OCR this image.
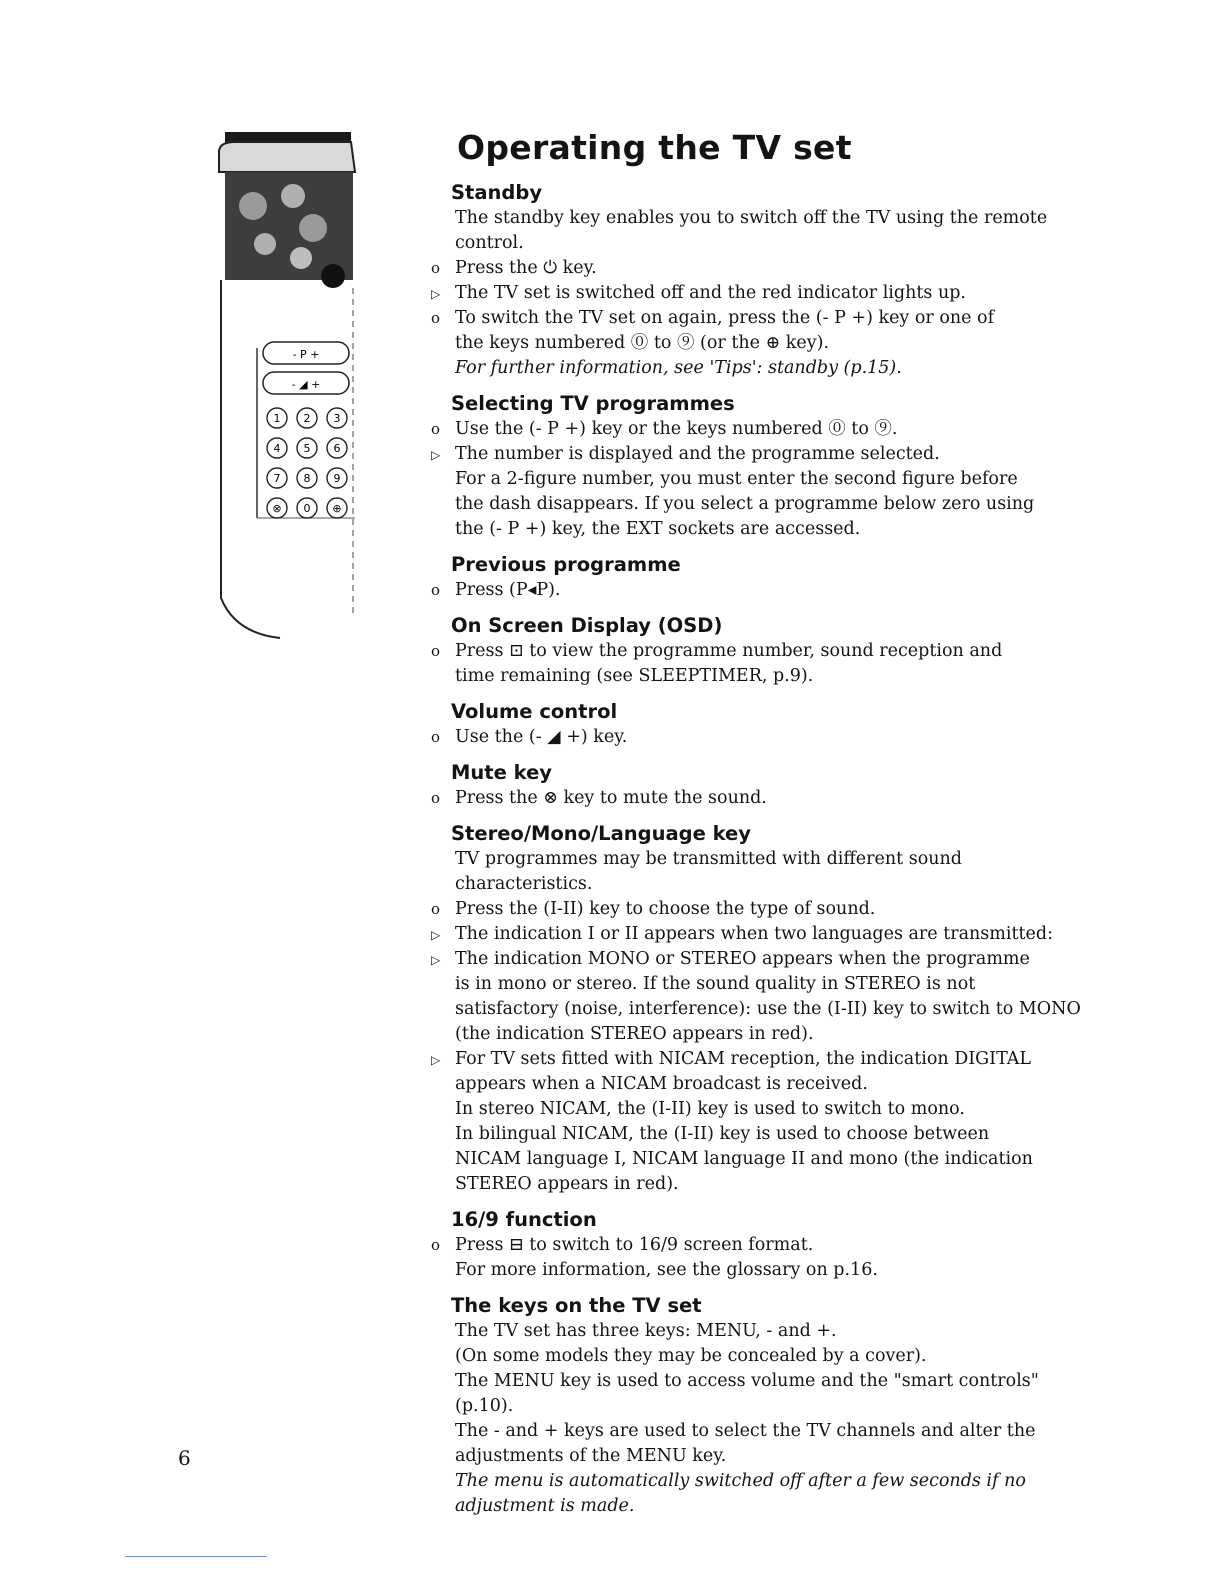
- P +
- ◢ +
1 2 3
4 5 6
7 8 9
⊗ 0 ⊕
Operating the TV set
Standby
The standby key enables you to switch off the TV using the remote control.
o Press the ⏻ key.
▷ The TV set is switched off and the red indicator lights up.
o To switch the TV set on again, press the (- P +) key or one of
the keys numbered ⓪ to ⑨ (or the ⊕ key).
For further information, see 'Tips': standby (p.15).
Selecting TV programmes
o Use the (- P +) key or the keys numbered ⓪ to ⑨.
▷ The number is displayed and the programme selected.
For a 2-figure number, you must enter the second figure before
the dash disappears. If you select a programme below zero using
the (- P +) key, the EXT sockets are accessed.
Previous programme
o Press (P◂P).
On Screen Display (OSD)
o Press ⊡ to view the programme number, sound reception and
time remaining (see SLEEPTIMER, p.9).
Volume control
o Use the (- ◢ +) key.
Mute key
o Press the ⊗ key to mute the sound.
Stereo/Mono/Language key
TV programmes may be transmitted with different sound characteristics.
o Press the (I-II) key to choose the type of sound.
▷ The indication I or II appears when two languages are transmitted:
▷ The indication MONO or STEREO appears when the programme
is in mono or stereo. If the sound quality in STEREO is not
satisfactory (noise, interference): use the (I-II) key to switch to MONO
(the indication STEREO appears in red).
▷ For TV sets fitted with NICAM reception, the indication DIGITAL
appears when a NICAM broadcast is received.
In stereo NICAM, the (I-II) key is used to switch to mono.
In bilingual NICAM, the (I-II) key is used to choose between
NICAM language I, NICAM language II and mono (the indication
STEREO appears in red).
16/9 function
o Press ⊟ to switch to 16/9 screen format.
For more information, see the glossary on p.16.
The keys on the TV set
The TV set has three keys: MENU, - and +.
(On some models they may be concealed by a cover).
The MENU key is used to access volume and the "smart controls" (p.10).
The - and + keys are used to select the TV channels and alter the
adjustments of the MENU key.
The menu is automatically switched off after a few seconds if no adjustment is made.
6
